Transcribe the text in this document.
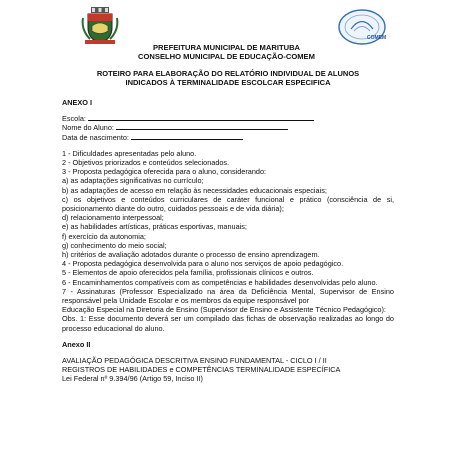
COMEM
PREFEITURA MUNICIPAL DE MARITUBA
CONSELHO MUNICIPAL DE EDUCAÇÃO-COMEM
ROTEIRO PARA ELABORAÇÃO DO RELATÓRIO INDIVIDUAL DE ALUNOS
INDICADOS À TERMINALIDADE ESCOLCAR ESPECIFICA

ANEXO I

Escola:

Nome do Aluno:

Data de nascimento:

1 - Dificuldades apresentadas pelo aluno.

2 - Objetivos priorizados e conteúdos selecionados.

3 - Proposta pedagógica oferecida para o aluno, considerando:

a) as adaptações significativas no currículo;

b) as adaptações de acesso em relação às necessidades educacionais especiais;

c) os objetivos e conteúdos curriculares de caráter funcional e prático (consciência de si, posicionamento diante do outro, cuidados pessoais e de vida diária);

d) relacionamento interpessoal;

e) as habilidades artísticas, práticas esportivas, manuais;

f) exercício da autonomia;

g) conhecimento do meio social;

h) critérios de avaliação adotados durante o processo de ensino aprendizagem.

4 - Proposta pedagógica desenvolvida para o aluno nos serviços de apoio pedagógico.

5 - Elementos de apoio oferecidos pela família, profissionais clínicos e outros.

6 - Encaminhamentos compatíveis com as competências e habilidades desenvolvidas pelo aluno.

7 - Assinaturas (Professor Especializado na área da Deficiência Mental, Supervisor de Ensino responsável pela Unidade Escolar e os membros da equipe responsável por

Educação Especial na Diretoria de Ensino (Supervisor de Ensino e Assistente Técnico Pedagógico):

Obs. 1: Esse documento deverá ser um compilado das fichas de observação realizadas ao longo do processo educacional do aluno.

Anexo II

AVALIAÇÃO PEDAGÓGICA DESCRITIVA ENSINO FUNDAMENTAL - CICLO I / II

REGISTROS DE HABILIDADES e COMPETÊNCIAS TERMINALIDADE ESPECÍFICA

Lei Federal nº 9.394/96 (Artigo 59, Inciso II)
